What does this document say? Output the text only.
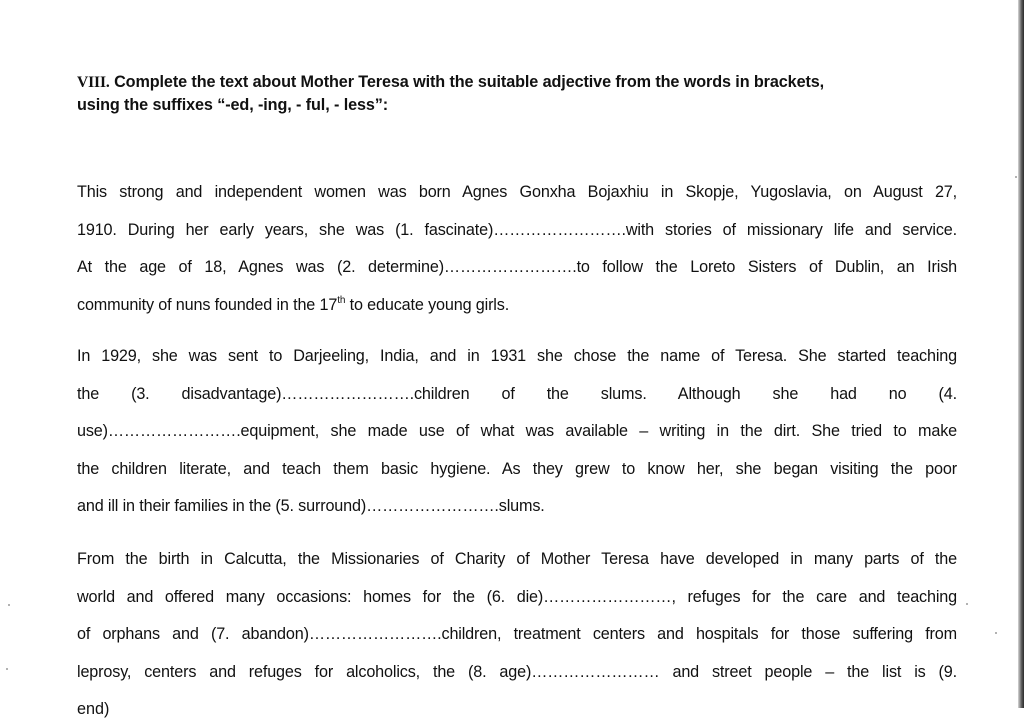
VIII. Complete the text about Mother Teresa with the suitable adjective from the words in brackets,
using the suffixes “-ed, -ing, - ful, - less”:
This strong and independent women was born Agnes Gonxha Bojaxhiu in Skopje, Yugoslavia, on August 27,
1910. During her early years, she was (1. fascinate)…………………….with stories of missionary life and service.
At the age of 18, Agnes was (2. determine)…………………….to follow the Loreto Sisters of Dublin, an Irish
community of nuns founded in the 17th to educate young girls.
In 1929, she was sent to Darjeeling, India, and in 1931 she chose the name of Teresa. She started teaching
the (3. disadvantage)…………………….children of the slums. Although she had no (4.
use)…………………….equipment, she made use of what was available – writing in the dirt. She tried to make
the children literate, and teach them basic hygiene. As they grew to know her, she began visiting the poor
and ill in their families in the (5. surround)…………………….slums.
From the birth in Calcutta, the Missionaries of Charity of Mother Teresa have developed in many parts of the
world and offered many occasions: homes for the (6. die)……………………, refuges for the care and teaching
of orphans and (7. abandon)…………………….children, treatment centers and hospitals for those suffering from
leprosy, centers and refuges for alcoholics, the (8. age)…………………… and street people – the list is (9.
end)
